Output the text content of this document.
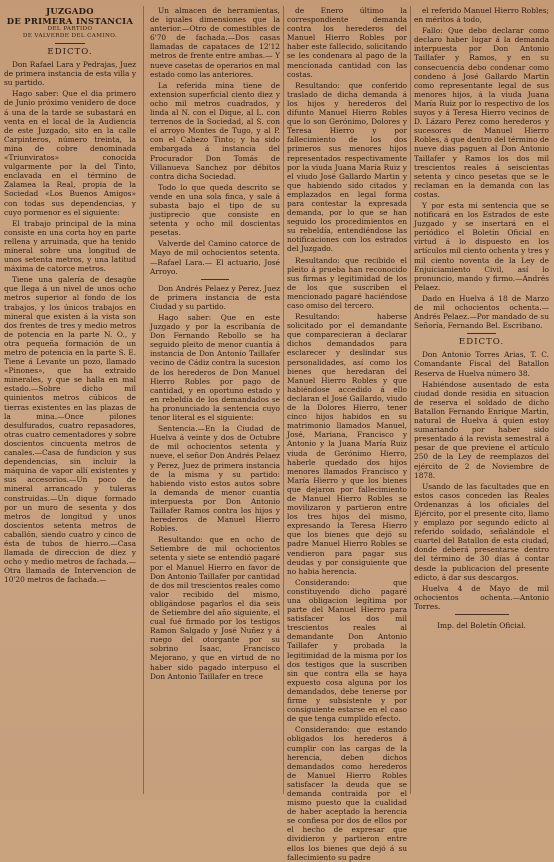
JUZGADO
DE PRIMERA INSTANCIA
DEL PARTIDO
DE VALVERDE DEL CAMINO.
EDICTO.

Don Rafael Lara y Pedrajas, Juez de primera instancia de esta villa y su partido.

Hago saber: Que el dia primero de Junio próximo venidero de doce á una de la tarde se subastará en venta en el local de la Audiencia de este Juzgado, sito en la calle Carpinteros, número treinta, la mina de cobre denominada «Triunviratos» conocida vulgarmente por la del Tinto, enclavada en el término de Zalamea la Real, propia de la Sociedad «Los Buenos Amigos» con todas sus dependencias, y cuyo pormenor es el siguiente:

El trabajo principal de la mina consiste en una corta hoy en parte rellena y arruinada, que ha tenido mineral sobre una longitud de unos setenta metros, y una latitud máxima de catorce metros.

Tiene una galería de desagüe que llega á un nivel de unos ocho metros superior al fondo de los trabajos, y los únicos trabajos en mineral que existen á la vista son dos frentes de tres y medio metros de potencia en la parte N. O., y otra pequeña formación de un metro de potencia en la parte S. E. Tiene á Levante un pozo, llamado «Pinones», que ha extraido minerales, y que se halla en mal estado.—Sobre dicho mil quinientos metros cúbicos de tierras existentes en las plazas de la mina.—Once pilones desulfurados, cuatro repasadores, otras cuatro cementadores y sobre doscientos cincuenta metros de canales.—Casa de fundicion y sus dependencias, sin incluir la máquina de vapor allí existentes y sus accesorios.—Un poco de mineral arrancado y tuleras construidas.—Un dique formado por un muro de sesenta y dos metros de longitud y unos doscientos setenta metros de caballón, siendo cuatro y cinco de ésta de tubos de hierro.—Casa llamada de direccion de diez y ocho y medio metros de fachada.—Otra llamada de Intervencion de 10'20 metros de fachada.—

Un almacen de herramientas, de iguales dimensiones que la anterior.—Otro de comestibles de 6'70 de fachada.—Dos casas llamadas de capataces de 12'12 metros de frente entre ambas.— Y nueve casetas de operarios en mal estado como las anteriores.

La referida mina tiene de extension superficial ciento diez y ocho mil metros cuadrados, y linda al N. con el Dique, al L. con terrenos de la Sociedad, al S. con el arroyo Montes de Tugo, y al P. con el Cabezo Tinto; y ha sido embargada á instancia del Procurador Don Tomás de Villanueva Sanchez por débitos contra dicha Sociedad.

Todo lo que queda descrito se vende en una sola finca, y sale á subasta bajo el tipo de su justiprecio que consiste en setenta y ocho mil doscientas pesetas.

Valverde del Camino catorce de Mayo de mil ochocientos setenta.—Rafael Lara.— El actuario, José Arroyo.

Don Andrés Pelaez y Perez, Juez de primera instancia de esta Ciudad y su partido.

Hago saber: Que en este Juzgado y por la escribanía de Don Fernando Rebollo se ha seguido pleito de menor cuantía á instancia de Don Antonio Taillafer vecino de Cádiz contra la sucesion de los herederos de Don Manuel Hierro Robles por pago de cantidad, y en oportuno estado y en rebeldía de los demandados se ha pronunciado la sentencia cuyo tenor literal es el siguiente:

Sentencia.—En la Ciudad de Huelva á veinte y dos de Octubre de mil ochocientos setenta y nueve, el señor Don Andrés Pelaez y Perez, Juez de primera instancia de la misma y su partido: habiendo visto estos autos sobre la demanda de menor cuantía interpuesta por Don Antonio Taillafer Ramos contra los hijos y herederos de Manuel Hierro Robles.

Resultando: que en ocho de Setiembre de mil ochocientos setenta y siete se entendió pagaré por el Manuel Hierro en favor de Don Antonio Taillafer por cantidad de dos mil trescientos reales como valor recibido del mismo, obligándose pagarlos el dia seis de Setiembre del año siguiente, el cual fué firmado por los testigos Ramon Salgado y José Nuñez y á ruego del otorgante por su sobrino Isaac, Francisco Mejorano, y que en virtud de no haber sido pagado interpuso el Don Antonio Taillafer en trece

de Enero último la correspondiente demanda contra los herederos del Manuel Hierro Robles por haber este fallecido, solicitando se les condenara al pago de la mencionada cantidad con las costas.

Resultando: que conferido traslado de dicha demanda á los hijos y herederos del difunto Manuel Hierro Robles que lo son Gerónimo, Dolores y Teresa Hierro y por fallecimiento de los dos primeros sus menores hijos representados respectivamente por la viuda Juana María Ruiz y el viudo José Gallardo Martin y que habiendo sido citados y emplazados en legal forma para contestar la expresada demanda, por lo que se han seguido los procedimientos en su rebeldía, entendiéndose las notificaciones con los estrados del Juzgado.

Resultando: que recibido el pleito á prueba han reconocido sus firmas y legitimidad de los de los que suscriben el mencionado pagaré haciéndose caso omiso del tercero.

Resultando: haberse solicitado por el demandante que comparecieran á declarar dichos demandados para esclarecer y deslindar sus personalidades, así como los bienes que heredaran del Manuel Hierro Robles y que habiéndose accedido á ello declaran el José Gallardo, viudo de la Dolores Hierro, tener cinco hijos habidos en su matrimonio llamados Manuel, José, Mariana, Francisco y Antonio y la Juana María Ruiz viuda de Gerónimo Hierro, haberle quedado dos hijos menores llamados Francisco y María Hierro y que los bienes que dejaron por fallecimiento de Manuel Hierro Robles se movilizaron y partieron entre los tres hijos del mismo, expresando la Teresa Hierro que los bienes que dejó su padre Manuel Hierro Robles se vendieron para pagar sus deudas y por consiguiente que no habia herencia.

Considerando: que constituyendo dicho pagaré una obligacion legítima por parte del Manuel Hierro para satisfacer los dos mil trescientos reales al demandante Don Antonio Taillafer y probada la legitimidad de la misma por los dos testigos que la suscriben sin que contra ella se haya expuesto cosa alguna por los demandados, debe tenerse por firme y subsistente y por consiguiente estarse en el caso de que tenga cumplido efecto.

Considerando: que estando obligados los herederos á cumplir con las cargas de la herencia, deben dichos demandados como herederos de Manuel Hierro Robles satisfacer la deuda que se demanda contraida por el mismo puesto que la cualidad de haber aceptado la herencia se confiesa por dos de ellos por el hecho de expresar que dividieron y partieron entre ellos los bienes que dejó á su fallecimiento su padre

el referido Manuel Hierro Robles; en méritos á todo,

Fallo: Que debo declarar como declaro haber lugar á la demanda interpuesta por Don Antonio Taillafer y Ramos, y en su consecuencia debo condenar como condeno á José Gallardo Martin como representante legal de sus menores hijos, á la viuda Juana María Ruiz por lo respectivo de los suyos y á Teresa Hierro vecinos de D. Lázaro Perez como herederos y sucesores de Manuel Hierro Robles, á que dentro del término de nueve dias paguen al Don Antonio Taillafer y Ramos los dos mil trescientos reales á seiscientas setenta y cinco pesetas que se le reclaman en la demanda con las costas.

Y por esta mi sentencia que se notificará en los Estrados de este Juzgado y se insertará en el periódico el Boletín Oficial en virtud á lo dispuesto en los artículos mil ciento ochenta y tres y mil ciento noventa de la Ley de Enjuiciamiento Civil, así lo pronuncio, mando y firmo.—Andrés Pelaez.

Dado en Huelva á 18 de Marzo de mil ochocientos ochenta.—Andrés Pelaez.—Por mandado de su Señoría, Fernando Bel. Escribano.

EDICTO.

Don Antonio Torres Arias, T. C. Comandante Fiscal del Batallon Reserva de Huelva número 38.

Habiéndose ausentado de esta ciudad donde residia en situacion de reserva el soldado de dicho Batallon Fernando Enrique Martin, natural de Huelva á quien estoy sumariando por haber sido presentado á la revista semestral á pesar de que previene el artículo 250 de la Ley de reemplazos del ejército de 2 de Noviembre de 1878.

Usando de las facultades que en estos casos conceden las Reales Ordenanzas á los oficiales del Ejército, por el presente cito, llamo y emplazo por segundo edicto al referido soldado, señalándole el cuartel del Batallon de esta ciudad, donde deberá presentarse dentro del término de 30 días á contar desde la publicacion del presente edicto, á dar sus descargos.

Huelva 4 de Mayo de mil ochocientos ochenta.—Antonio Torres.

Imp. del Boletín Oficial.
